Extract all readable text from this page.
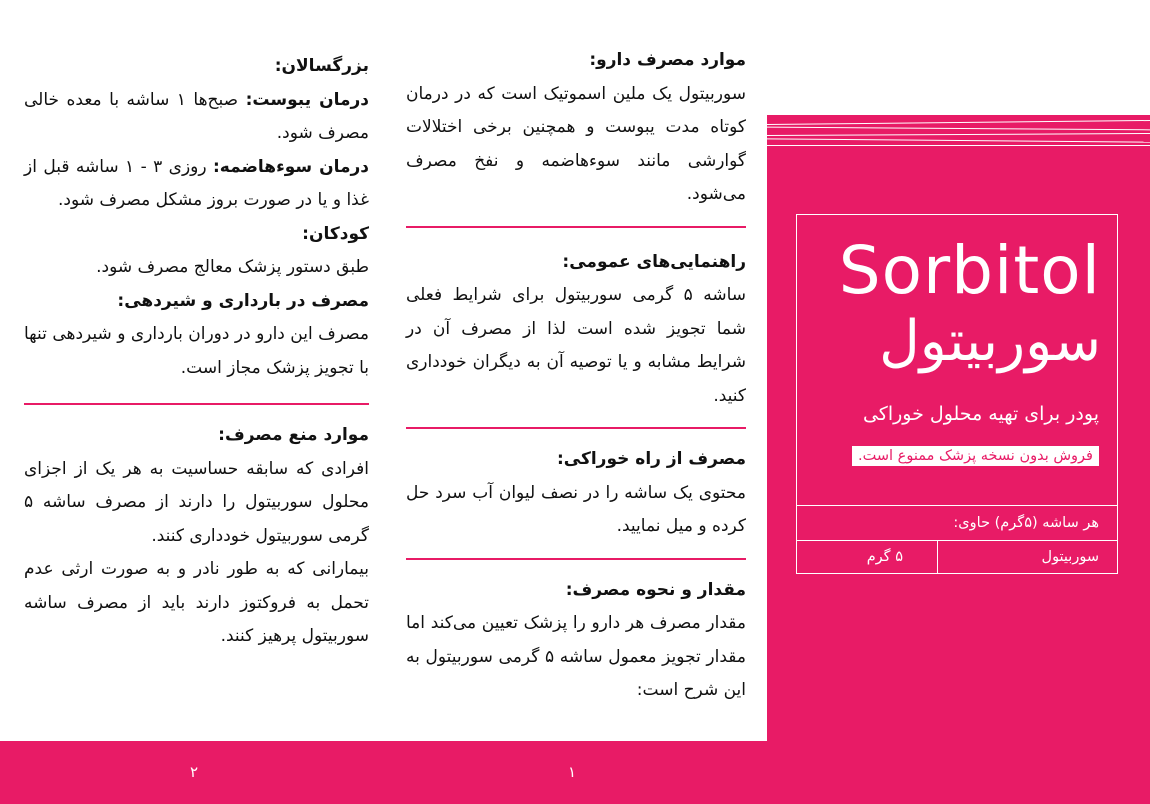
Sorbitol
سوربیتول
پودر برای تهیه محلول خوراکی
فروش بدون نسخه پزشک ممنوع است.
هر ساشه (۵گرم) حاوی:
سوربیتول
۵ گرم
موارد مصرف دارو:

سوربیتول یک ملین اسموتیک است که در درمان کوتاه مدت یبوست و همچنین برخی اختلالات گوارشی مانند سوءهاضمه و نفخ مصرف می‌شود.

راهنمایی‌های عمومی:

ساشه ۵ گرمی سوربیتول برای شرایط فعلی شما تجویز شده است لذا از مصرف آن در شرایط مشابه و یا توصیه آن به دیگران خودداری کنید.

مصرف از راه خوراکی:

محتوی یک ساشه را در نصف لیوان آب سرد حل کرده و میل نمایید.

مقدار و نحوه مصرف:

مقدار مصرف هر دارو را پزشک تعیین می‌کند اما مقدار تجویز معمول ساشه ۵ گرمی سوربیتول به این شرح است:

بزرگسالان:

درمان یبوست: صبح‌ها ۱ ساشه با معده خالی مصرف شود.

درمان سوءهاضمه: روزی ۳ - ۱ ساشه قبل از غذا و یا در صورت بروز مشکل مصرف شود.

کودکان:

طبق دستور پزشک معالج مصرف شود.

مصرف در بارداری و شیردهی:

مصرف این دارو در دوران بارداری و شیردهی تنها با تجویز پزشک مجاز است.

موارد منع مصرف:

افرادی که سابقه حساسیت به هر یک از اجزای محلول سوربیتول را دارند از مصرف ساشه ۵ گرمی سوربیتول خودداری کنند.

بیمارانی که به طور نادر و به صورت ارثی عدم تحمل به فروکتوز دارند باید از مصرف ساشه سوربیتول پرهیز کنند.

۲	۱
